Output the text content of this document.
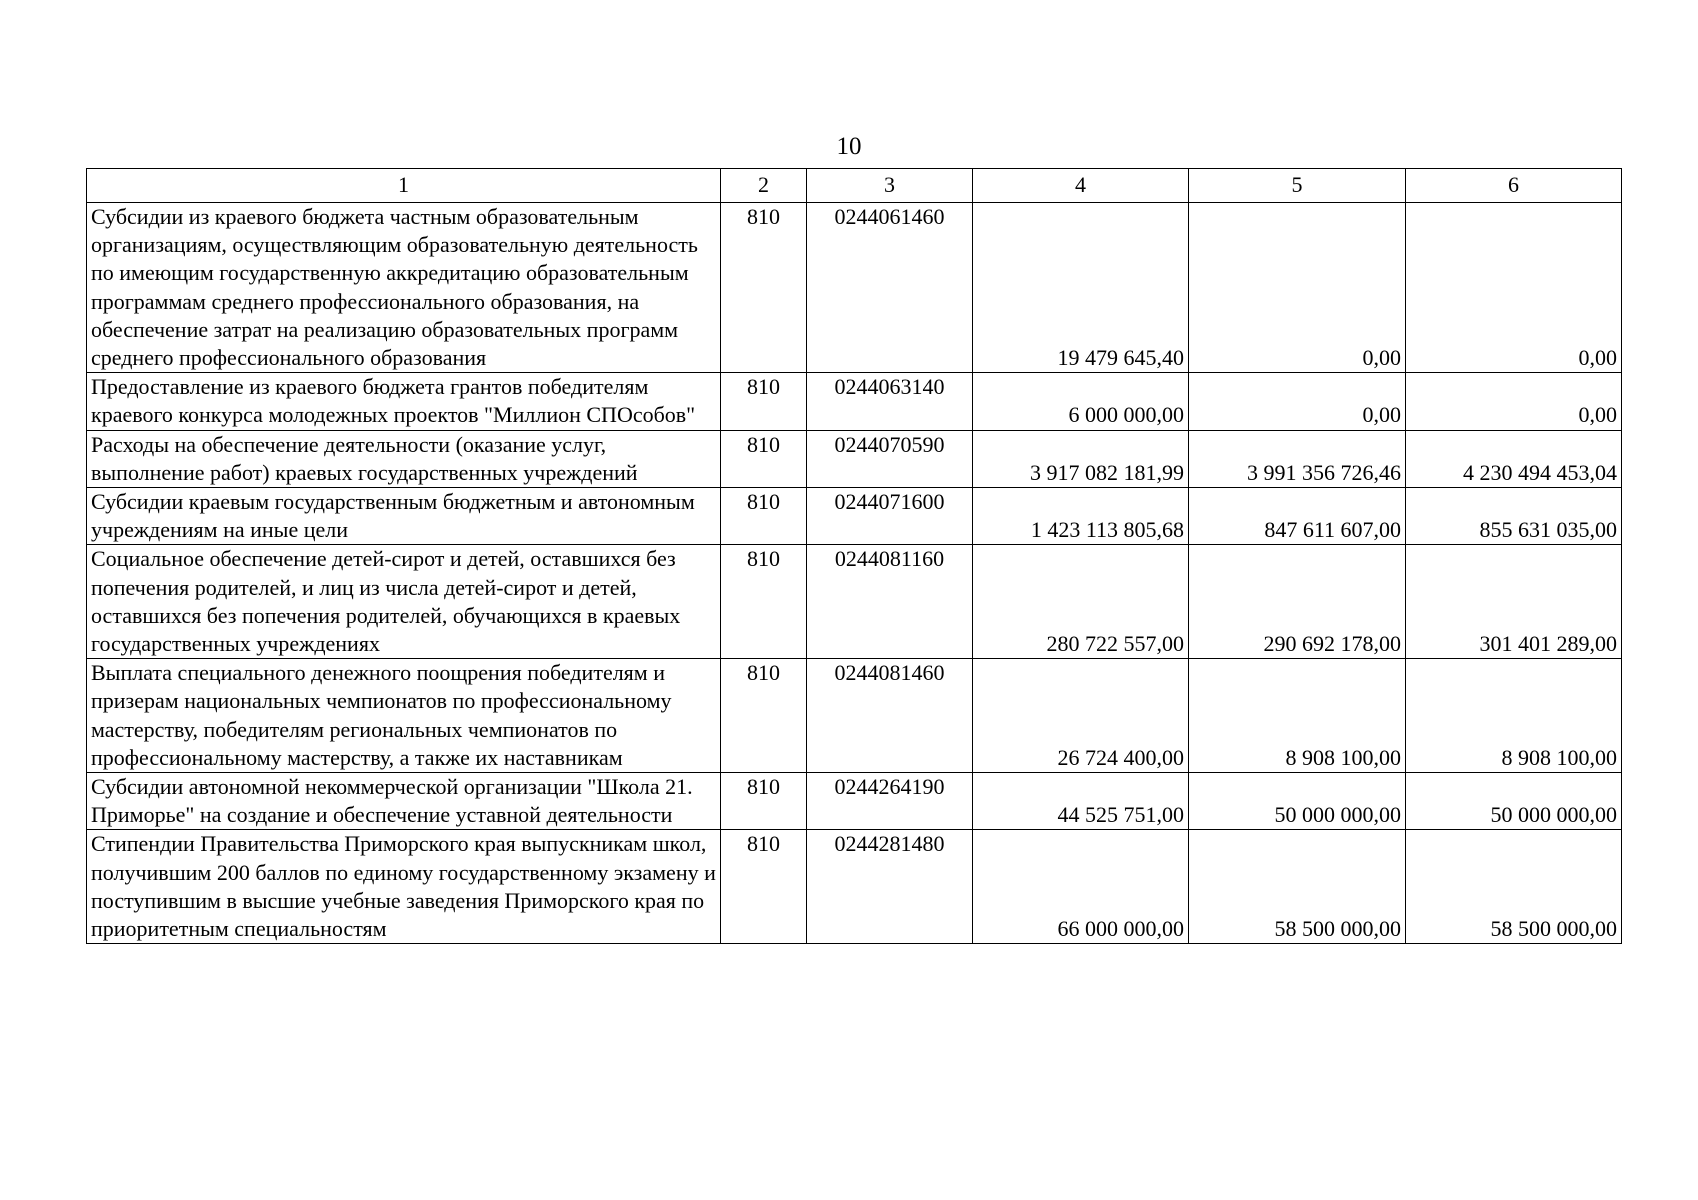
10
1	2	3	4	5	6
Субсидии из краевого бюджета частным образовательным организациям, осуществляющим образовательную деятельность по имеющим государственную аккредитацию образовательным программам среднего профессионального образования, на обеспечение затрат на реализацию образовательных программ среднего профессионального образования	810	0244061460	19 479 645,40	0,00	0,00
Предоставление из краевого бюджета грантов победителям краевого конкурса молодежных проектов "Миллион СПОсобов"	810	0244063140	6 000 000,00	0,00	0,00
Расходы на обеспечение деятельности (оказание услуг, выполнение работ) краевых государственных учреждений	810	0244070590	3 917 082 181,99	3 991 356 726,46	4 230 494 453,04
Субсидии краевым государственным бюджетным и автономным учреждениям на иные цели	810	0244071600	1 423 113 805,68	847 611 607,00	855 631 035,00
Социальное обеспечение детей-сирот и детей, оставшихся без попечения родителей, и лиц из числа детей-сирот и детей, оставшихся без попечения родителей, обучающихся в краевых государственных учреждениях	810	0244081160	280 722 557,00	290 692 178,00	301 401 289,00
Выплата специального денежного поощрения победителям и призерам национальных чемпионатов по профессиональному мастерству, победителям региональных чемпионатов по профессиональному мастерству, а также их наставникам	810	0244081460	26 724 400,00	8 908 100,00	8 908 100,00
Субсидии автономной некоммерческой организации "Школа 21. Приморье" на создание и обеспечение уставной деятельности	810	0244264190	44 525 751,00	50 000 000,00	50 000 000,00
Стипендии Правительства Приморского края выпускникам школ, получившим 200 баллов по единому государственному экзамену и поступившим в высшие учебные заведения Приморского края по приоритетным специальностям	810	0244281480	66 000 000,00	58 500 000,00	58 500 000,00
